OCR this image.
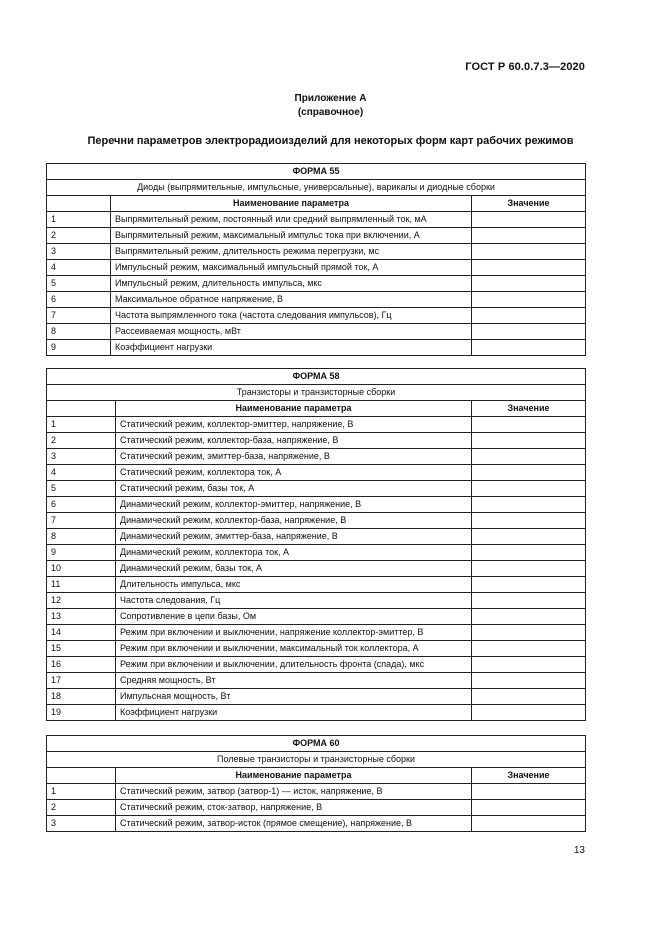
ГОСТ Р 60.0.7.3—2020
Приложение А
(справочное)
Перечни параметров электрорадиоизделий для некоторых форм карт рабочих режимов
ФОРМА 55		
Диоды (выпрямительные, импульсные, универсальные), варикапы и диодные сборки		
	Наименование параметра	Значение
1	Выпрямительный режим, постоянный или средний выпрямленный ток, мА	
2	Выпрямительный режим, максимальный импульс тока при включении, А	
3	Выпрямительный режим, длительность режима перегрузки, мс	
4	Импульсный режим, максимальный импульсный прямой ток, А	
5	Импульсный режим, длительность импульса, мкс	
6	Максимальное обратное напряжение, В	
7	Частота выпрямленного тока (частота следования импульсов), Гц	
8	Рассеиваемая мощность, мВт	
9	Коэффициент нагрузки	
ФОРМА 58		
Транзисторы и транзисторные сборки		
	Наименование параметра	Значение
1	Статический режим, коллектор-эмиттер, напряжение, В	
2	Статический режим, коллектор-база, напряжение, В	
3	Статический режим, эмиттер-база, напряжение, В	
4	Статический режим, коллектора ток, А	
5	Статический режим, базы ток, А	
6	Динамический режим, коллектор-эмиттер, напряжение, В	
7	Динамический режим, коллектор-база, напряжение, В	
8	Динамический режим, эмиттер-база, напряжение, В	
9	Динамический режим, коллектора ток, А	
10	Динамический режим, базы ток, А	
11	Длительность импульса, мкс	
12	Частота следования, Гц	
13	Сопротивление в цепи базы, Ом	
14	Режим при включении и выключении, напряжение коллектор-эмиттер, В	
15	Режим при включении и выключении, максимальный ток коллектора, А	
16	Режим при включении и выключении, длительность фронта (спада), мкс	
17	Средняя мощность, Вт	
18	Импульсная мощность, Вт	
19	Коэффициент нагрузки	
ФОРМА 60		
Полевые транзисторы и транзисторные сборки		
	Наименование параметра	Значение
1	Статический режим, затвор (затвор-1) — исток, напряжение, В	
2	Статический режим, сток-затвор, напряжение, В	
3	Статический режим, затвор-исток (прямое смещение), напряжение, В	
13
